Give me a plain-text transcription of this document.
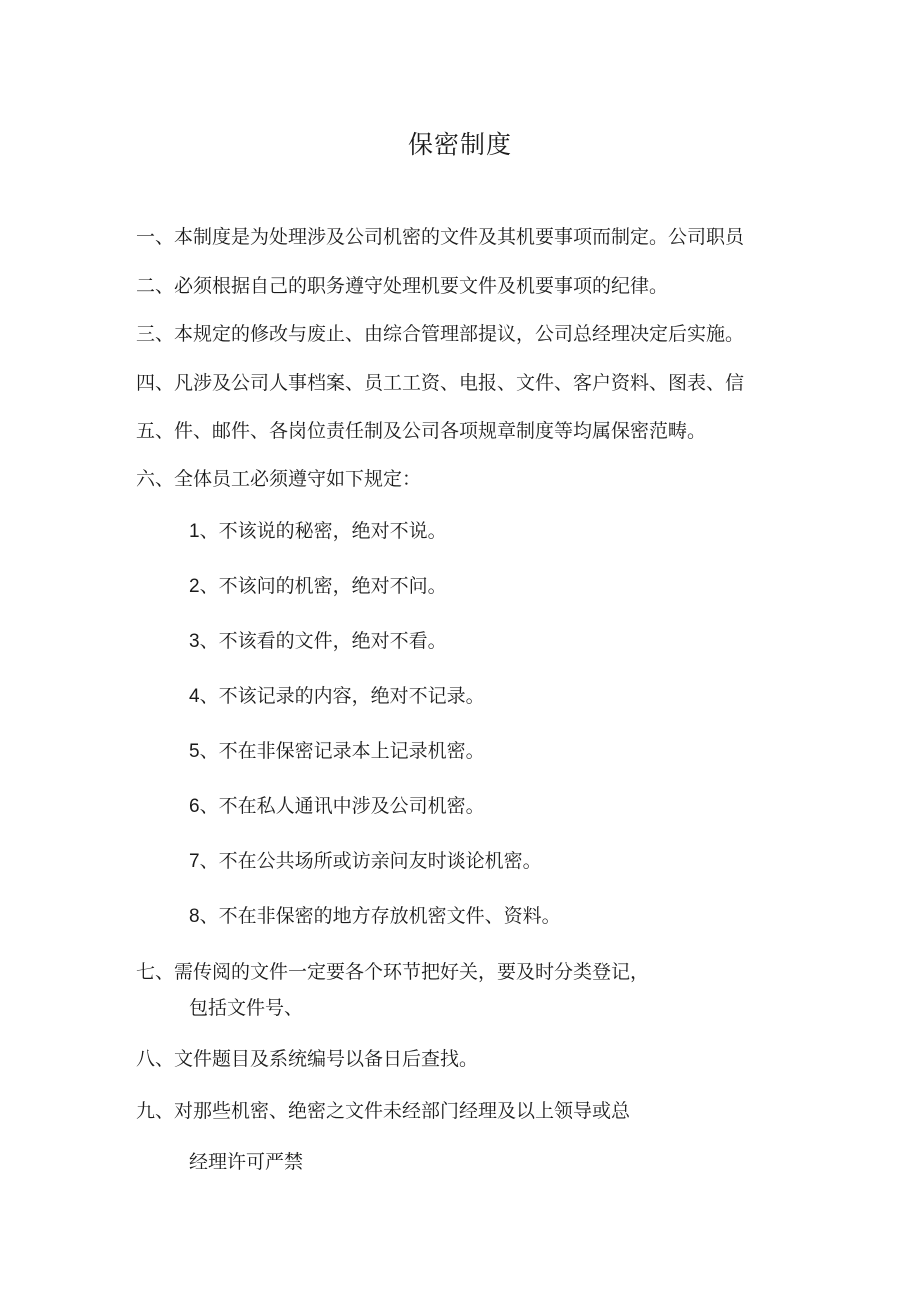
保密制度

一、本制度是为处理涉及公司机密的文件及其机要事项而制定。公司职员

二、必须根据自己的职务遵守处理机要文件及机要事项的纪律。

三、本规定的修改与废止、由综合管理部提议，公司总经理决定后实施。

四、凡涉及公司人事档案、员工工资、电报、文件、客户资料、图表、信

五、件、邮件、各岗位责任制及公司各项规章制度等均属保密范畴。

六、全体员工必须遵守如下规定：

1、不该说的秘密，绝对不说。

2、不该问的机密，绝对不问。

3、不该看的文件，绝对不看。

4、不该记录的内容，绝对不记录。

5、不在非保密记录本上记录机密。

6、不在私人通讯中涉及公司机密。

7、不在公共场所或访亲问友时谈论机密。

8、不在非保密的地方存放机密文件、资料。

七、需传阅的文件一定要各个环节把好关，要及时分类登记，

包括文件号、

八、文件题目及系统编号以备日后查找。

九、对那些机密、绝密之文件未经部门经理及以上领导或总

经理许可严禁
